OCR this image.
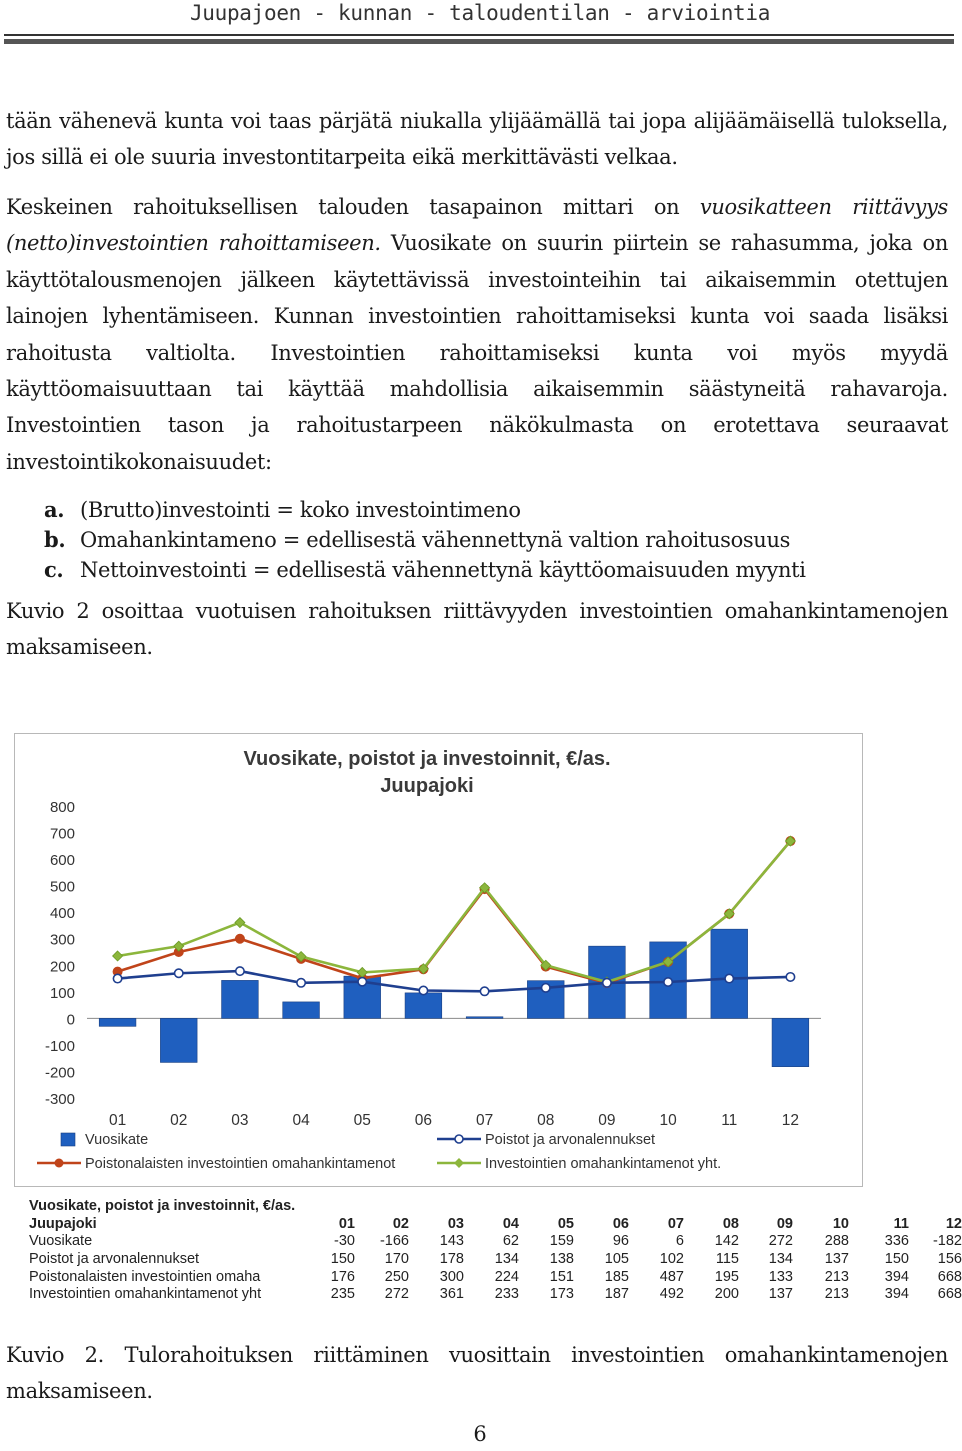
Juupajoen - kunnan - taloudentilan - arviointia

tään vähenevä kunta voi taas pärjätä niukalla ylijäämällä tai jopa alijäämäisellä tuloksella, jos sillä ei ole suuria investontitarpeita eikä merkittävästi velkaa.

Keskeinen rahoituksellisen talouden tasapainon mittari on vuosikatteen riittävyys (netto)investointien rahoittamiseen. Vuosikate on suurin piirtein se rahasumma, joka on käyttötalousmenojen jälkeen käytettävissä investointeihin tai aikaisemmin otettujen lainojen lyhentämiseen. Kunnan investointien rahoittamiseksi kunta voi saada lisäksi rahoitusta valtiolta. Investointien rahoittamiseksi kunta voi myös myydä käyttöomaisuuttaan tai käyttää mahdollisia aikaisemmin säästyneitä rahavaroja. Investointien tason ja rahoitustarpeen näkökulmasta on erotettava seuraavat investointikokonaisuudet:

a. (Brutto)investointi = koko investointimeno
b. Omahankintameno = edellisestä vähennettynä valtion rahoitusosuus
c. Nettoinvestointi = edellisestä vähennettynä käyttöomaisuuden myynti

Kuvio 2 osoittaa vuotuisen rahoituksen riittävyyden investointien omahankintamenojen maksamiseen.

Vuosikate, poistot ja investoinnit, €/as.
Juupajoki
800
700
600
500
400
300
200
100
0
-100
-200
-300
01	02	03	04	05	06	07	08	09	10	11	12
Vuosikate	Poistot ja arvonalennukset
Poistonalaisten investointien omahankintamenot	Investointien omahankintamenot yht.
Vuosikate, poistot ja investoinnit, €/as.
Juupajoki	01	02	03	04	05	06	07	08	09	10	11	12
Vuosikate	-30	-166	143	62	159	96	6	142	272	288	336	-182
Poistot ja arvonalennukset	150	170	178	134	138	105	102	115	134	137	150	156
Poistonalaisten investointien omaha	176	250	300	224	151	185	487	195	133	213	394	668
Investointien omahankintamenot yht	235	272	361	233	173	187	492	200	137	213	394	668
Kuvio 2. Tulorahoituksen riittäminen vuosittain investointien omahankintamenojen maksamiseen.
6
